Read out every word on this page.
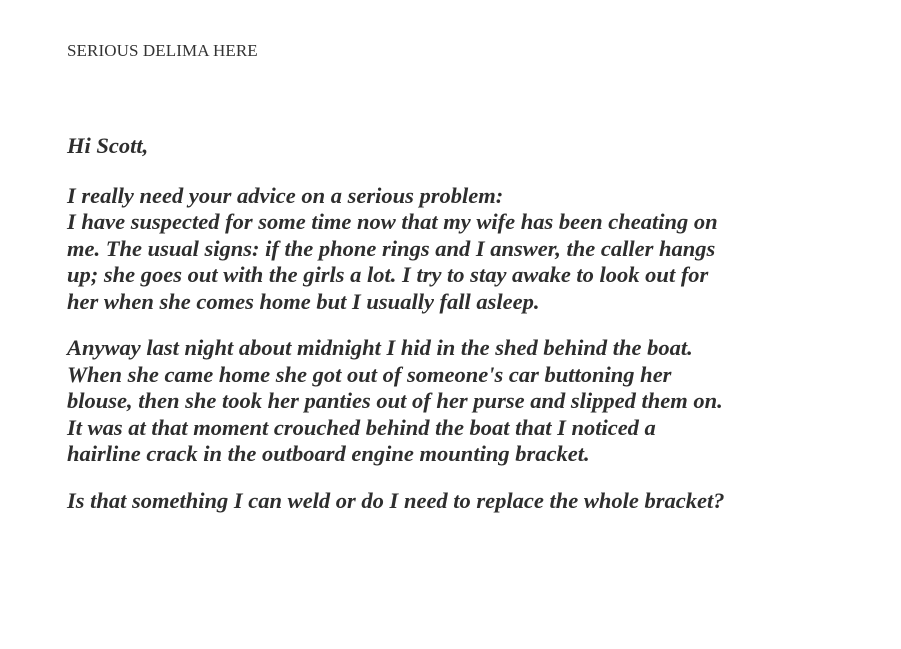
SERIOUS DELIMA HERE
Hi Scott,
I really need your advice on a serious problem:
I have suspected for some time now that my wife has been cheating on
me. The usual signs: if the phone rings and I answer, the caller hangs
up; she goes out with the girls a lot. I try to stay awake to look out for
her when she comes home but I usually fall asleep.
Anyway last night about midnight I hid in the shed behind the boat.
When she came home she got out of someone's car buttoning her
blouse, then she took her panties out of her purse and slipped them on.
It was at that moment crouched behind the boat that I noticed a
hairline crack in the outboard engine mounting bracket.
Is that something I can weld or do I need to replace the whole bracket?
